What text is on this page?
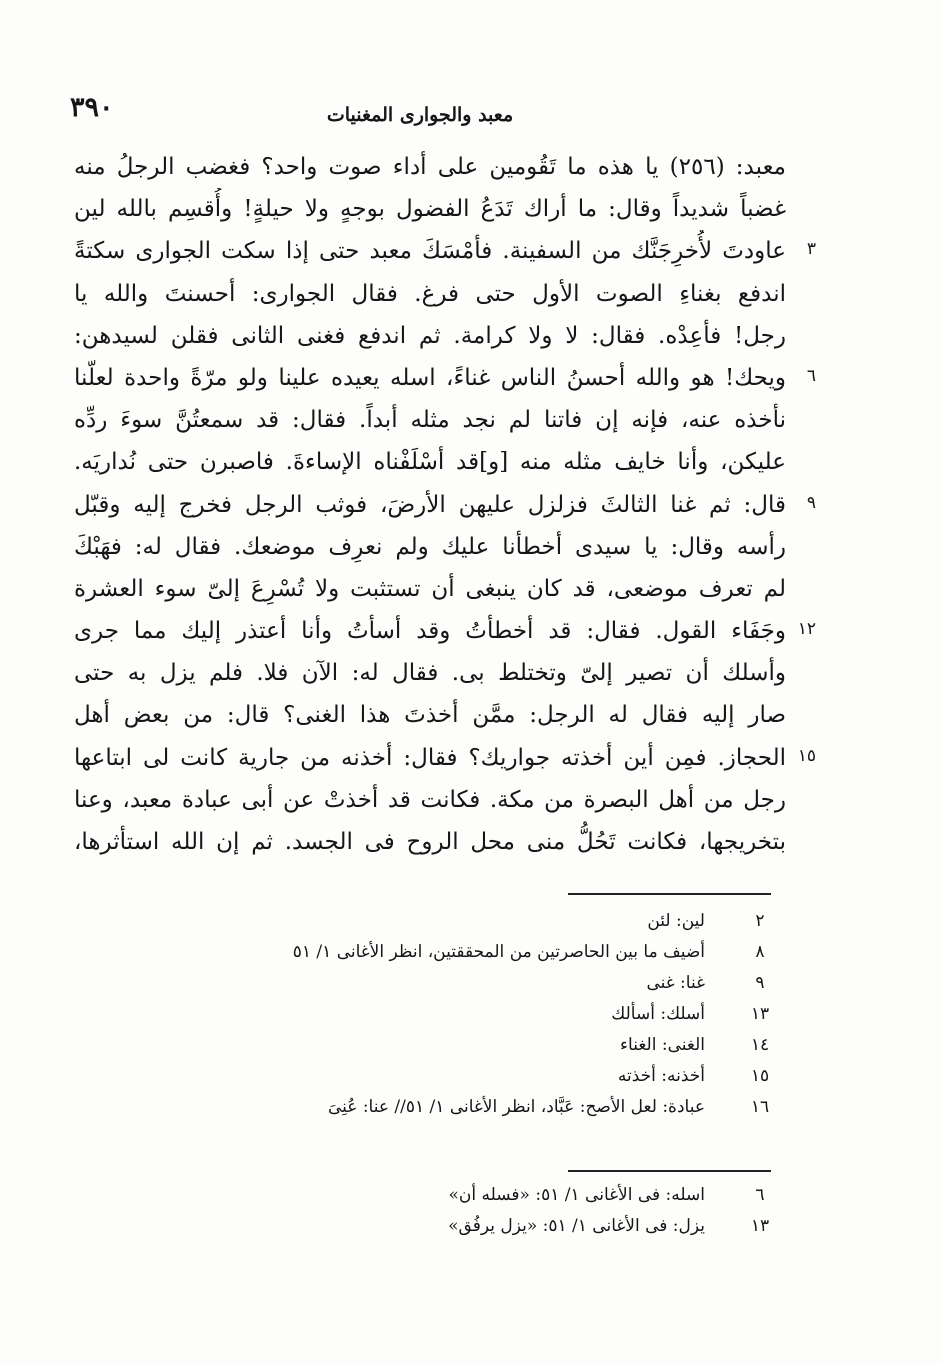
٣٩٠	معبد والجوارى المغنيات
معبد: (٢٥٦) يا هذه ما تَقُومين على أداء صوت واحد؟ فغضب الرجلُ منه
غضباً شديداً وقال: ما أراك تَدَعُ الفضول بوجهٍ ولا حيلةٍ! وأُقسِم بالله لين
٣
عاودتَ لأُخرِجَنَّك من السفينة. فأمْسَكَ معبد حتى إذا سكت الجوارى سكتةً
اندفع بغناءِ الصوت الأول حتى فرغ. فقال الجوارى: أحسنتَ والله يا
رجل! فأعِدْه. فقال: لا ولا كرامة. ثم اندفع فغنى الثانى فقلن لسيدهن:
٦
ويحك! هو والله أحسنُ الناس غناءً، اسله يعيده علينا ولو مرّةً واحدة لعلّنا
نأخذه عنه، فإنه إن فاتنا لم نجد مثله أبداً. فقال: قد سمعتُنَّ سوءَ ردِّه
عليكن، وأنا خايف مثله منه [و]قد أسْلَفْناه الإساءةَ. فاصبرن حتى نُداريَه.
٩
قال: ثم غنا الثالثَ فزلزل عليهن الأرضَ، فوثب الرجل فخرج إليه وقبّل
رأسه وقال: يا سيدى أخطأنا عليك ولم نعرِف موضعك. فقال له: فهَبْكَ
لم تعرف موضعى، قد كان ينبغى أن تستثبت ولا تُسْرِعَ إلىّ سوء العشرة
١٢
وجَفَاء القول. فقال: قد أخطأتُ وقد أسأتُ وأنا أعتذر إليك مما جرى
وأسلك أن تصير إلىّ وتختلط بى. فقال له: الآن فلا. فلم يزل به حتى
صار إليه فقال له الرجل: ممَّن أخذتَ هذا الغنى؟ قال: من بعض أهل
١٥
الحجاز. فمِن أين أخذته جواريك؟ فقال: أخذنه من جارية كانت لى ابتاعها
رجل من أهل البصرة من مكة. فكانت قد أخذتْ عن أبى عبادة معبد، وعنا
بتخريجها، فكانت تَحُلُّ منى محل الروح فى الجسد. ثم إن الله استأثرها،
٢
لين: لئن
٨
أضيف ما بين الحاصرتين من المحققتين، انظر الأغانى ١/ ٥١
٩
غنا: غنى
١٣
أسلك: أسألك
١٤
الغنى: الغناء
١٥
أخذنه: أخذته
١٦
عبادة: لعل الأصح: عَبَّاد، انظر الأغانى ١/ ٥١// عنا: عُنِىَ
٦
اسله: فى الأغانى ١/ ٥١: «فسله أن»
١٣
يزل: فى الأغانى ١/ ٥١: «يزل يرفُق»
